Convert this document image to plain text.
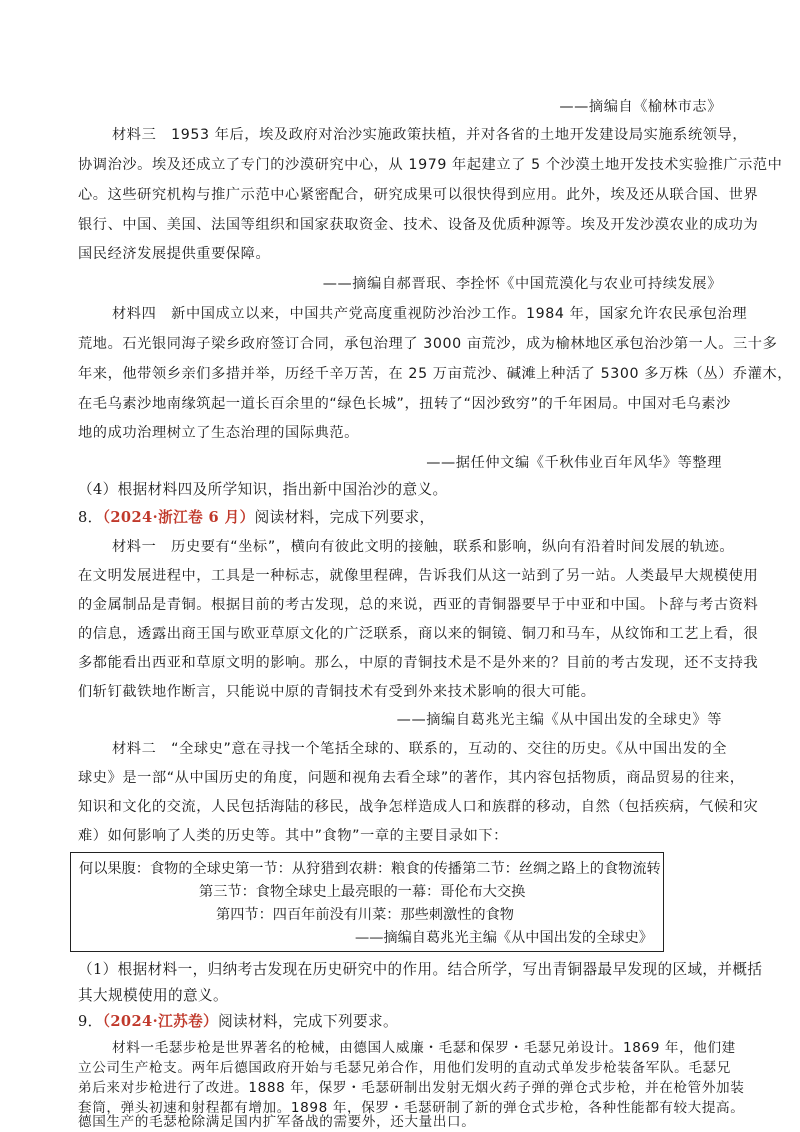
——摘编自《榆林市志》
材料三　1953 年后，埃及政府对治沙实施政策扶植，并对各省的土地开发建设局实施系统领导，
协调治沙。埃及还成立了专门的沙漠研究中心，从 1979 年起建立了 5 个沙漠土地开发技术实验推广示范中
心。这些研究机构与推广示范中心紧密配合，研究成果可以很快得到应用。此外，埃及还从联合国、世界
银行、中国、美国、法国等组织和国家获取资金、技术、设备及优质种源等。埃及开发沙漠农业的成功为
国民经济发展提供重要保障。
——摘编自郝晋珉、李拴怀《中国荒漠化与农业可持续发展》
材料四　新中国成立以来，中国共产党高度重视防沙治沙工作。1984 年，国家允许农民承包治理
荒地。石光银同海子梁乡政府签订合同，承包治理了 3000 亩荒沙，成为榆林地区承包治沙第一人。三十多
年来，他带领乡亲们多措并举，历经千辛万苦，在 25 万亩荒沙、碱滩上种活了 5300 多万株（丛）乔灌木，
在毛乌素沙地南缘筑起一道长百余里的“绿色长城”，扭转了“因沙致穷”的千年困局。中国对毛乌素沙
地的成功治理树立了生态治理的国际典范。
——据任仲文编《千秋伟业百年风华》等整理
（4）根据材料四及所学知识，指出新中国治沙的意义。
8．（2024·浙江卷 6 月）阅读材料，完成下列要求，
材料一　历史要有“坐标”，横向有彼此文明的接触，联系和影响，纵向有沿着时间发展的轨迹。
在文明发展进程中，工具是一种标志，就像里程碑，告诉我们从这一站到了另一站。人类最早大规模使用
的金属制品是青铜。根据目前的考古发现，总的来说，西亚的青铜器要早于中亚和中国。卜辞与考古资料
的信息，透露出商王国与欧亚草原文化的广泛联系，商以来的铜镜、铜刀和马车，从纹饰和工艺上看，很
多都能看出西亚和草原文明的影响。那么，中原的青铜技术是不是外来的？目前的考古发现，还不支持我
们斩钉截铁地作断言，只能说中原的青铜技术有受到外来技术影响的很大可能。
——摘编自葛兆光主编《从中国出发的全球史》等
材料二　“全球史”意在寻找一个笔括全球的、联系的，互动的、交往的历史。《从中国出发的全
球史》是一部“从中国历史的角度，问题和视角去看全球”的著作，其内容包括物质，商品贸易的往来，
知识和文化的交流，人民包括海陆的移民，战争怎样造成人口和族群的移动，自然（包括疾病，气候和灾
难）如何影响了人类的历史等。其中”食物”一章的主要目录如下：
何以果腹：食物的全球史第一节：从狩猎到农耕：粮食的传播第二节：丝绸之路上的食物流转
第三节：食物全球史上最亮眼的一幕：哥伦布大交换
第四节：四百年前没有川菜：那些刺激性的食物
——摘编自葛兆光主编《从中国出发的全球史》
（1）根据材料一，归纳考古发现在历史研究中的作用。结合所学，写出青铜器最早发现的区域，并概括
其大规模使用的意义。
9．（2024·江苏卷）阅读材料，完成下列要求。
材料一毛瑟步枪是世界著名的枪械，由德国人威廉・毛瑟和保罗・毛瑟兄弟设计。1869 年，他们建
立公司生产枪支。两年后德国政府开始与毛瑟兄弟合作，用他们发明的直动式单发步枪装备军队。毛瑟兄
弟后来对步枪进行了改进。1888 年，保罗・毛瑟研制出发射无烟火药子弹的弹仓式步枪，并在枪管外加装
套筒，弹头初速和射程都有增加。1898 年，保罗・毛瑟研制了新的弹仓式步枪，各种性能都有较大提高。
德国生产的毛瑟枪除满足国内扩军备战的需要外，还大量出口。
